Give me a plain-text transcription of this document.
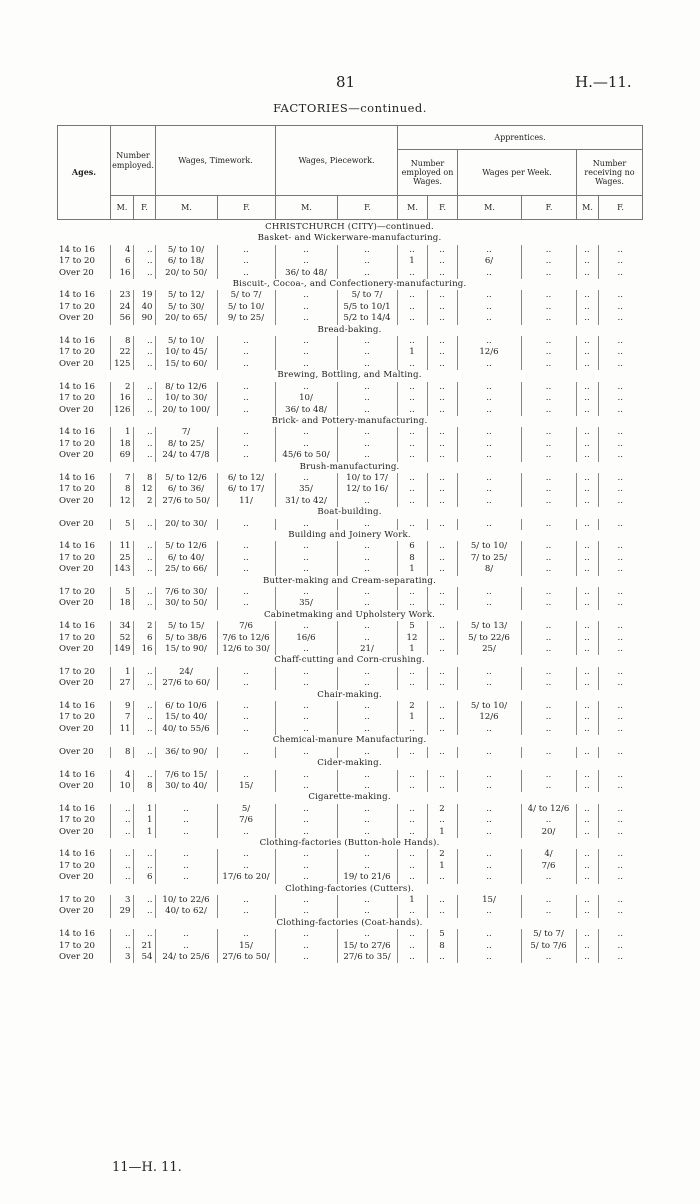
81	H.—11.
FACTORIES—continued.
Ages.	Number employed.		Wages, Timework.		Wages, Piecework.		Apprentices.					
							Number employed on Wages.		Wages per Week.		Number receiving no Wages.	
	M.	F.	M.	F.	M.	F.	M.	F.	M.	F.	M.	F.
CHRISTCHURCH (CITY)—continued.												
Basket- and Wickerware-manufacturing.												
14 to 16	4	..	5/ to 10/	..	..	..	..	..	..	..	..	..
17 to 20	6	..	6/ to 18/	..	..	..	1	..	6/	..	..	..
Over 20	16	..	20/ to 50/	..	36/ to 48/	..	..	..	..	..	..	..
Biscuit-, Cocoa-, and Confectionery-manufacturing.												
14 to 16	23	19	5/ to 12/	5/ to 7/	..	5/ to 7/	..	..	..	..	..	..
17 to 20	24	40	5/ to 30/	5/ to 10/	..	5/5 to 10/1	..	..	..	..	..	..
Over 20	56	90	20/ to 65/	9/ to 25/	..	5/2 to 14/4	..	..	..	..	..	..
Bread-baking.												
14 to 16	8	..	5/ to 10/	..	..	..	..	..	..	..	..	..
17 to 20	22	..	10/ to 45/	..	..	..	1	..	12/6	..	..	..
Over 20	125	..	15/ to 60/	..	..	..	..	..	..	..	..	..
Brewing, Bottling, and Malting.												
14 to 16	2	..	8/ to 12/6	..	..	..	..	..	..	..	..	..
17 to 20	16	..	10/ to 30/	..	10/	..	..	..	..	..	..	..
Over 20	126	..	20/ to 100/	..	36/ to 48/	..	..	..	..	..	..	..
Brick- and Pottery-manufacturing.												
14 to 16	1	..	7/	..	..	..	..	..	..	..	..	..
17 to 20	18	..	8/ to 25/	..	..	..	..	..	..	..	..	..
Over 20	69	..	24/ to 47/8	..	45/6 to 50/	..	..	..	..	..	..	..
Brush-manufacturing.												
14 to 16	7	8	5/ to 12/6	6/ to 12/	..	10/ to 17/	..	..	..	..	..	..
17 to 20	8	12	6/ to 36/	6/ to 17/	35/	12/ to 16/	..	..	..	..	..	..
Over 20	12	2	27/6 to 50/	11/	31/ to 42/	..	..	..	..	..	..	..
Boat-building.												
Over 20	5	..	20/ to 30/	..	..	..	..	..	..	..	..	..
Building and Joinery Work.												
14 to 16	11	..	5/ to 12/6	..	..	..	6	..	5/ to 10/	..	..	..
17 to 20	25	..	6/ to 40/	..	..	..	8	..	7/ to 25/	..	..	..
Over 20	143	..	25/ to 66/	..	..	..	1	..	8/	..	..	..
Butter-making and Cream-separating.												
17 to 20	5	..	7/6 to 30/	..	..	..	..	..	..	..	..	..
Over 20	18	..	30/ to 50/	..	35/	..	..	..	..	..	..	..
Cabinetmaking and Upholstery Work.												
14 to 16	34	2	5/ to 15/	7/6	..	..	5	..	5/ to 13/	..	..	..
17 to 20	52	6	5/ to 38/6	7/6 to 12/6	16/6	..	12	..	5/ to 22/6	..	..	..
Over 20	149	16	15/ to 90/	12/6 to 30/	..	21/	1	..	25/	..	..	..
Chaff-cutting and Corn-crushing.												
17 to 20	1	..	24/	..	..	..	..	..	..	..	..	..
Over 20	27	..	27/6 to 60/	..	..	..	..	..	..	..	..	..
Chair-making.												
14 to 16	9	..	6/ to 10/6	..	..	..	2	..	5/ to 10/	..	..	..
17 to 20	7	..	15/ to 40/	..	..	..	1	..	12/6	..	..	..
Over 20	11	..	40/ to 55/6	..	..	..	..	..	..	..	..	..
Chemical-manure Manufacturing.												
Over 20	8	..	36/ to 90/	..	..	..	..	..	..	..	..	..
Cider-making.												
14 to 16	4	..	7/6 to 15/	..	..	..	..	..	..	..	..	..
Over 20	10	8	30/ to 40/	15/	..	..	..	..	..	..	..	..
Cigarette-making.												
14 to 16	..	1	..	5/	..	..	..	2	..	4/ to 12/6	..	..
17 to 20	..	1	..	7/6	..	..	..	..	..	..	..	..
Over 20	..	1	..	..	..	..	..	1	..	20/	..	..
Clothing-factories (Button-hole Hands).												
14 to 16	..	..	..	..	..	..	..	2	..	4/	..	..
17 to 20	..	..	..	..	..	..	..	1	..	7/6	..	..
Over 20	..	6	..	17/6 to 20/	..	19/ to 21/6	..	..	..	..	..	..
Clothing-factories (Cutters).												
17 to 20	3	..	10/ to 22/6	..	..	..	1	..	15/	..	..	..
Over 20	29	..	40/ to 62/	..	..	..	..	..	..	..	..	..
Clothing-factories (Coat-hands).												
14 to 16	..	..	..	..	..	..	..	5	..	5/ to 7/	..	..
17 to 20	..	21	..	15/	..	15/ to 27/6	..	8	..	5/ to 7/6	..	..
Over 20	3	54	24/ to 25/6	27/6 to 50/	..	27/6 to 35/	..	..	..	..	..	..
11—H. 11.
